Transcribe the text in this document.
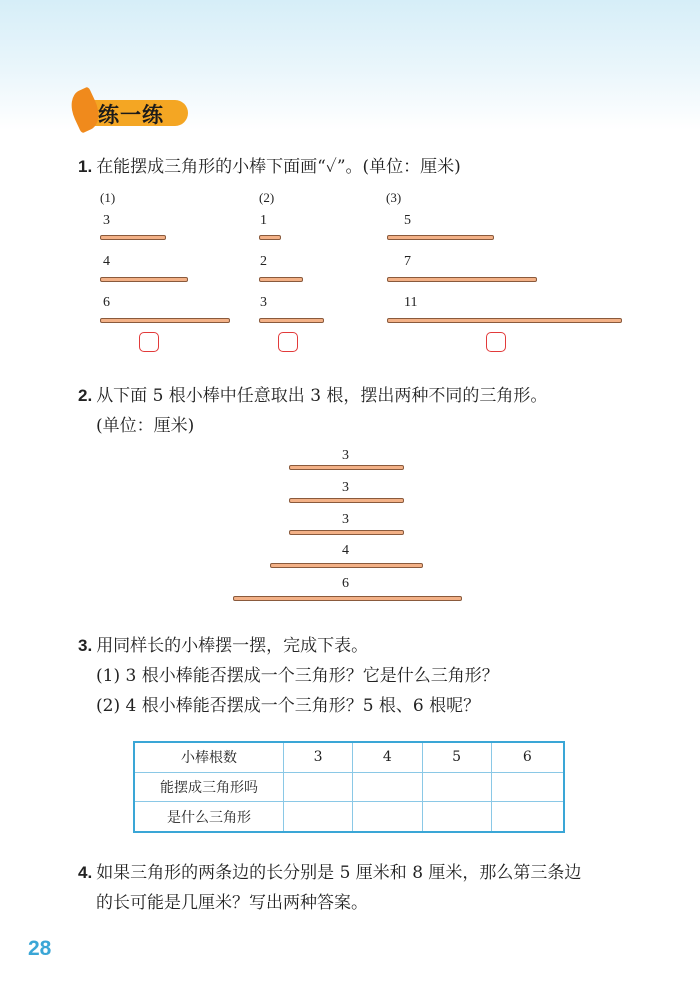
练一练
1. 在能摆成三角形的小棒下面画“✓”。(单位：厘米)
(1)	(2)	(3)
3
4
6
1
2
3
5
7
11
2. 从下面 5 根小棒中任意取出 3 根，摆出两种不同的三角形。
(单位：厘米)
3
3
3
4
6
3. 用同样长的小棒摆一摆，完成下表。
(1) 3 根小棒能否摆成一个三角形？它是什么三角形？
(2) 4 根小棒能否摆成一个三角形？5 根、6 根呢？
小棒根数	3	4	5	6
能摆成三角形吗				
是什么三角形				
4. 如果三角形的两条边的长分别是 5 厘米和 8 厘米，那么第三条边
的长可能是几厘米？写出两种答案。
28
